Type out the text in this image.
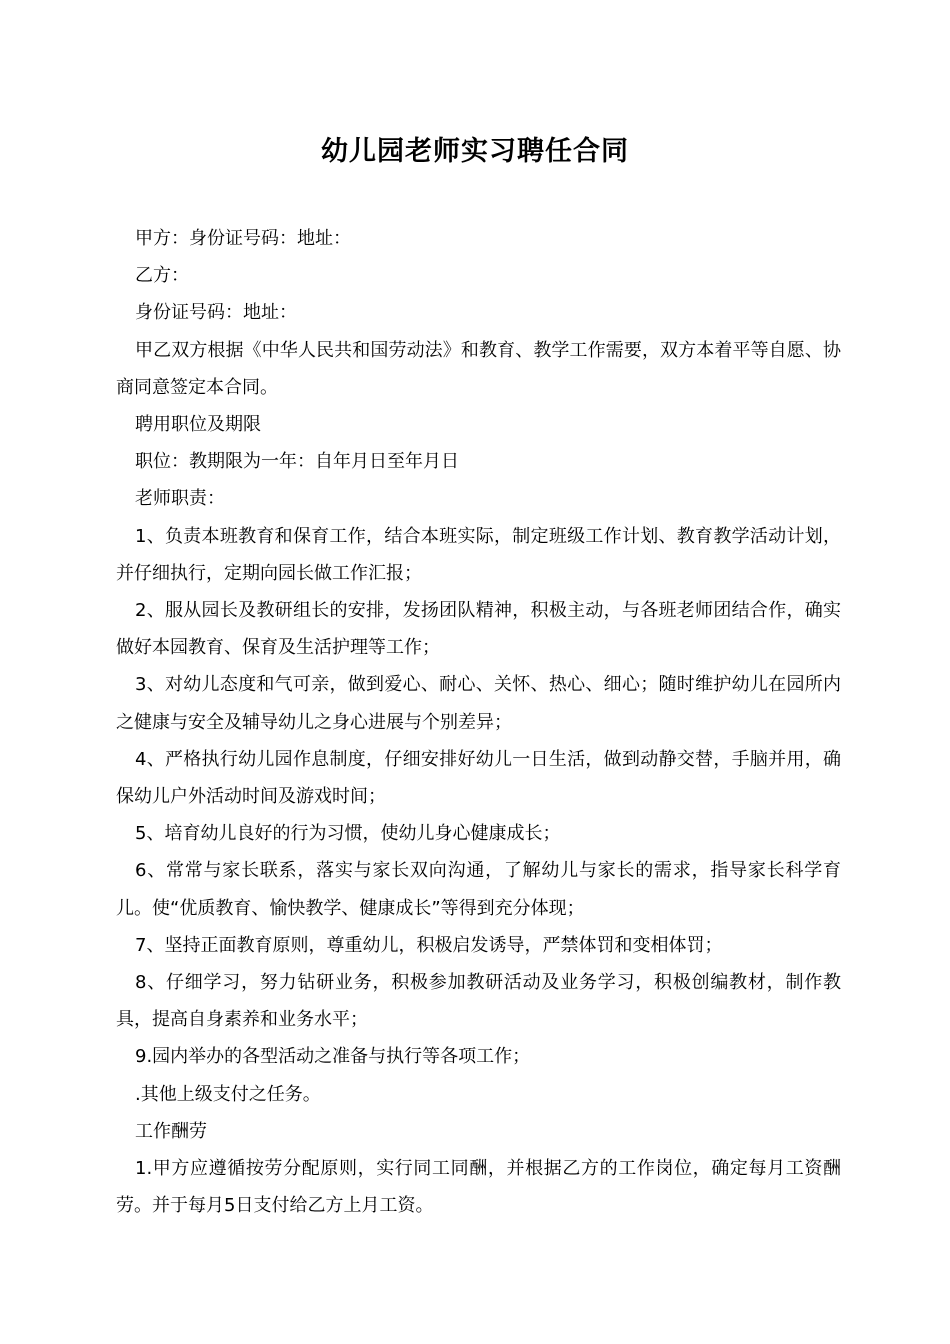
幼儿园老师实习聘任合同

甲方：身份证号码：地址：

乙方：

身份证号码：地址：

甲乙双方根据《中华人民共和国劳动法》和教育、教学工作需要，双方本着平等自愿、协商同意签定本合同。

聘用职位及期限

职位：教期限为一年：自年月日至年月日

老师职责：

1、负责本班教育和保育工作，结合本班实际，制定班级工作计划、教育教学活动计划，并仔细执行，定期向园长做工作汇报；

2、服从园长及教研组长的安排，发扬团队精神，积极主动，与各班老师团结合作，确实做好本园教育、保育及生活护理等工作；

3、对幼儿态度和气可亲，做到爱心、耐心、关怀、热心、细心；随时维护幼儿在园所内之健康与安全及辅导幼儿之身心进展与个别差异；

4、严格执行幼儿园作息制度，仔细安排好幼儿一日生活，做到动静交替，手脑并用，确保幼儿户外活动时间及游戏时间；

5、培育幼儿良好的行为习惯，使幼儿身心健康成长；

6、常常与家长联系，落实与家长双向沟通，了解幼儿与家长的需求，指导家长科学育儿。使“优质教育、愉快教学、健康成长”等得到充分体现；

7、坚持正面教育原则，尊重幼儿，积极启发诱导，严禁体罚和变相体罚；

8、仔细学习，努力钻研业务，积极参加教研活动及业务学习，积极创编教材，制作教具，提高自身素养和业务水平；

9.园内举办的各型活动之准备与执行等各项工作；

.其他上级支付之任务。

工作酬劳

1.甲方应遵循按劳分配原则，实行同工同酬，并根据乙方的工作岗位，确定每月工资酬劳。并于每月5日支付给乙方上月工资。
